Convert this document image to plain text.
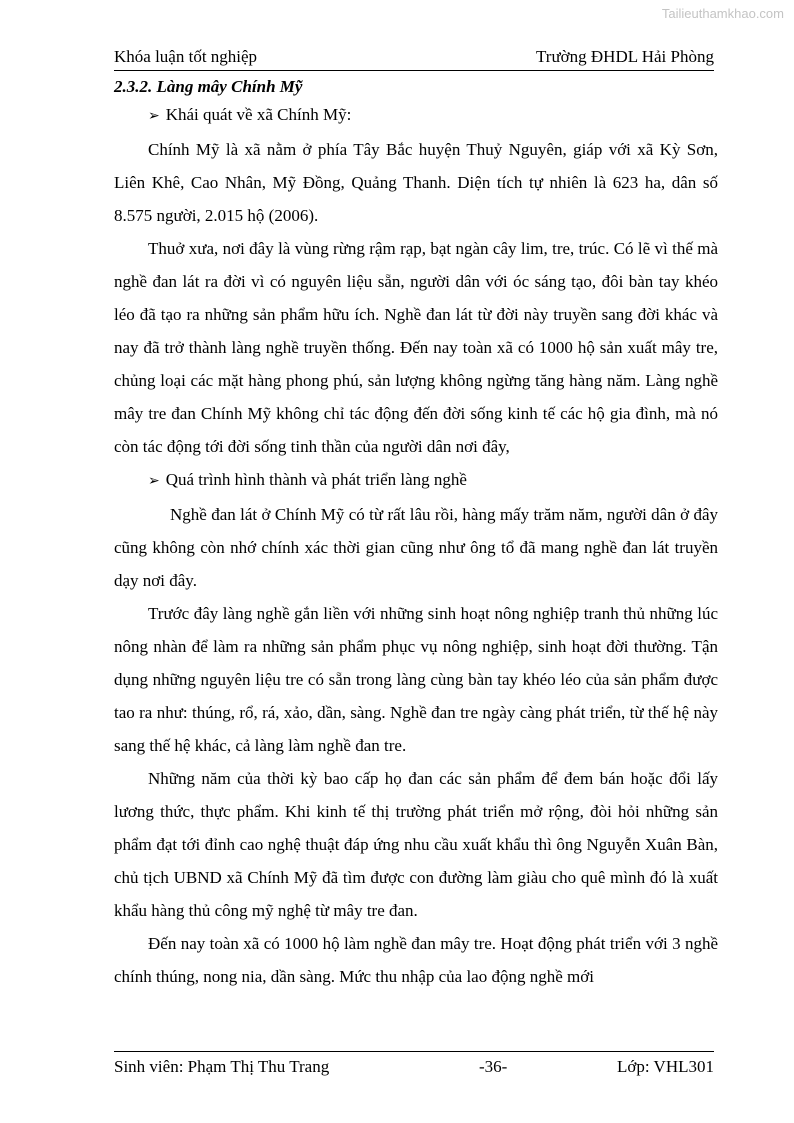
Tailieuthamkhao.com
Khóa luận tốt nghiệp	Trường ĐHDL Hải Phòng

2.3.2. Làng mây Chính Mỹ

➢ Khái quát về xã Chính Mỹ:

Chính Mỹ là xã nằm ở phía Tây Bắc huyện Thuỷ Nguyên, giáp với xã Kỳ Sơn, Liên Khê, Cao Nhân, Mỹ Đồng, Quảng Thanh. Diện tích tự nhiên là 623 ha, dân số 8.575 người, 2.015 hộ (2006).

Thuở xưa, nơi đây là vùng rừng rậm rạp, bạt ngàn cây lim, tre, trúc. Có lẽ vì thế mà nghề đan lát ra đời vì có nguyên liệu sẵn, người dân với óc sáng tạo, đôi bàn tay khéo léo đã tạo ra những sản phẩm hữu ích. Nghề đan lát từ đời này truyền sang đời khác và nay đã trở thành làng nghề truyền thống. Đến nay toàn xã có 1000 hộ sản xuất mây tre, chủng loại các mặt hàng phong phú, sản lượng không ngừng tăng hàng năm. Làng nghề mây tre đan Chính Mỹ không chỉ tác động đến đời sống kinh tế các hộ gia đình, mà nó còn tác động tới đời sống tinh thần của người dân nơi đây,

➢ Quá trình hình thành và phát triển làng nghề

Nghề đan lát ở Chính Mỹ có từ rất lâu rồi, hàng mấy trăm năm, người dân ở đây cũng không còn nhớ chính xác thời gian cũng như ông tổ đã mang nghề đan lát truyền dạy nơi đây.

Trước đây làng nghề gắn liền với những sinh hoạt nông nghiệp tranh thủ những lúc nông nhàn để làm ra những sản phẩm phục vụ nông nghiệp, sinh hoạt đời thường. Tận dụng những nguyên liệu tre có sẵn trong làng cùng bàn tay khéo léo của sản phẩm được tao ra như: thúng, rổ, rá, xảo, dần, sàng. Nghề đan tre ngày càng phát triển, từ thế hệ này sang thế hệ khác, cả làng làm nghề đan tre.

Những năm của thời kỳ bao cấp họ đan các sản phẩm để đem bán hoặc đổi lấy lương thức, thực phẩm. Khi kinh tế thị trường phát triển mở rộng, đòi hỏi những sản phẩm đạt tới đỉnh cao nghệ thuật đáp ứng nhu cầu xuất khẩu thì ông Nguyễn Xuân Bàn, chủ tịch UBND xã Chính Mỹ đã tìm được con đường làm giàu cho quê mình đó là xuất khẩu hàng thủ công mỹ nghệ từ mây tre đan.

Đến nay toàn xã có 1000 hộ làm nghề đan mây tre. Hoạt động phát triển với 3 nghề chính thúng, nong nia, dần sàng. Mức thu nhập của lao động nghề mới

Sinh viên: Phạm Thị Thu Trang	-36-	Lớp: VHL301
